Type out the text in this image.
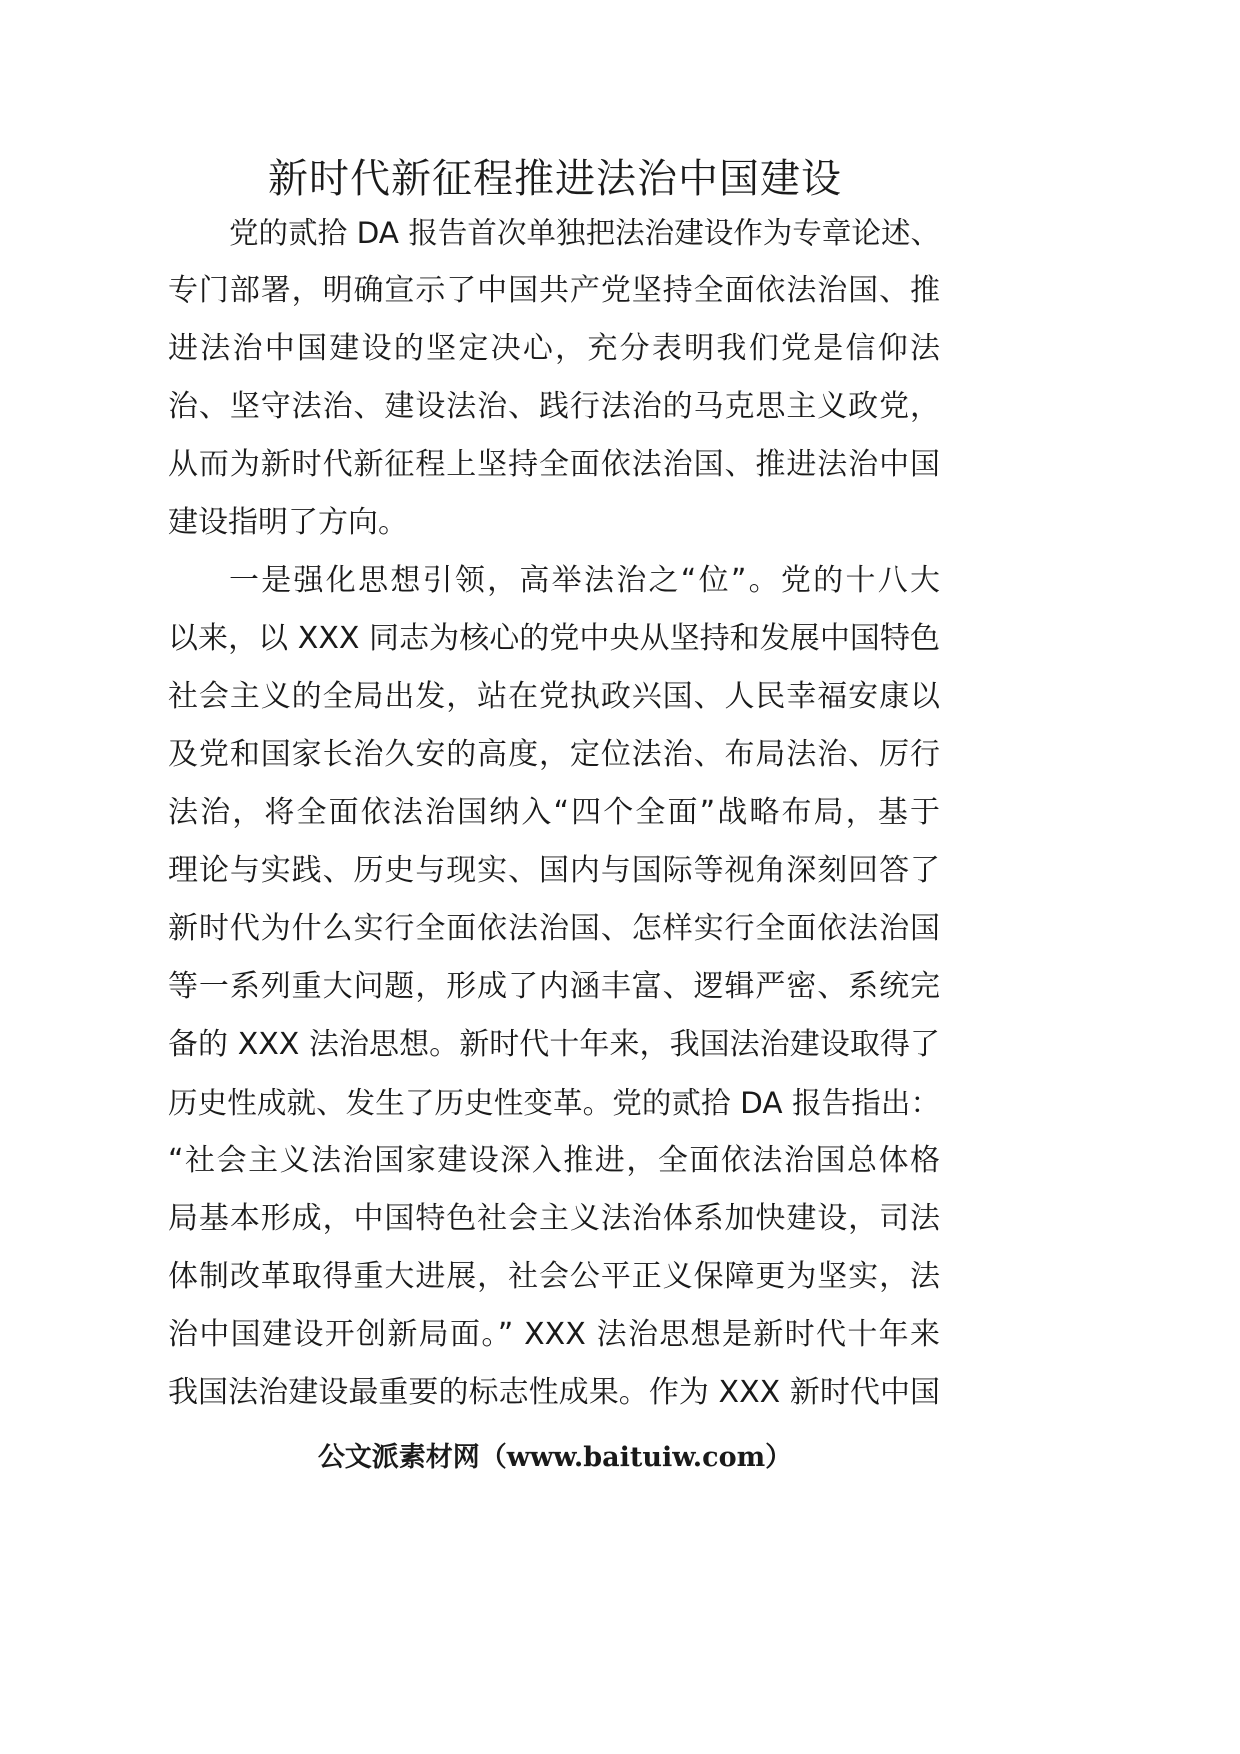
新时代新征程推进法治中国建设
党的贰拾 DA 报告首次单独把法治建设作为专章论述、
专门部署，明确宣示了中国共产党坚持全面依法治国、推
进法治中国建设的坚定决心，充分表明我们党是信仰法
治、坚守法治、建设法治、践行法治的马克思主义政党，
从而为新时代新征程上坚持全面依法治国、推进法治中国
建设指明了方向。
一是强化思想引领，高举法治之“位”。党的十八大
以来，以 XXX 同志为核心的党中央从坚持和发展中国特色
社会主义的全局出发，站在党执政兴国、人民幸福安康以
及党和国家长治久安的高度，定位法治、布局法治、厉行
法治，将全面依法治国纳入“四个全面”战略布局，基于
理论与实践、历史与现实、国内与国际等视角深刻回答了
新时代为什么实行全面依法治国、怎样实行全面依法治国
等一系列重大问题，形成了内涵丰富、逻辑严密、系统完
备的 XXX 法治思想。新时代十年来，我国法治建设取得了
历史性成就、发生了历史性变革。党的贰拾 DA 报告指出：
“社会主义法治国家建设深入推进，全面依法治国总体格
局基本形成，中国特色社会主义法治体系加快建设，司法
体制改革取得重大进展，社会公平正义保障更为坚实，法
治中国建设开创新局面。” XXX 法治思想是新时代十年来
我国法治建设最重要的标志性成果。作为 XXX 新时代中国
公文派素材网（www.baituiw.com）
